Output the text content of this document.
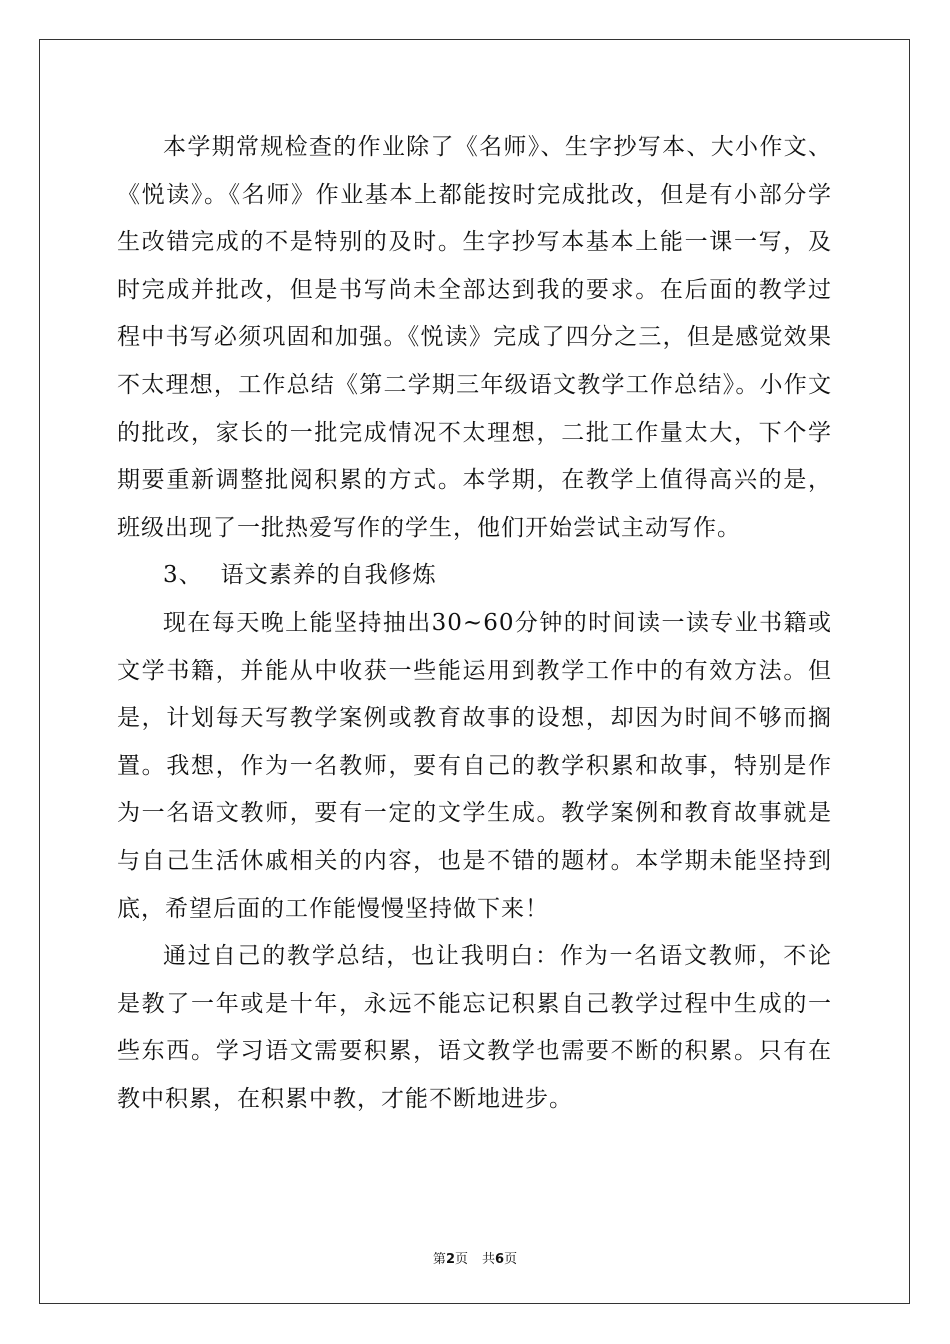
本学期常规检查的作业除了《名师》、生字抄写本、大小作文、《悦读》。《名师》作业基本上都能按时完成批改，但是有小部分学生改错完成的不是特别的及时。生字抄写本基本上能一课一写，及时完成并批改，但是书写尚未全部达到我的要求。在后面的教学过程中书写必须巩固和加强。《悦读》完成了四分之三，但是感觉效果不太理想，工作总结《第二学期三年级语文教学工作总结》。小作文的批改，家长的一批完成情况不太理想，二批工作量太大，下个学期要重新调整批阅积累的方式。本学期，在教学上值得高兴的是，班级出现了一批热爱写作的学生，他们开始尝试主动写作。

3、 语文素养的自我修炼

现在每天晚上能坚持抽出30~60分钟的时间读一读专业书籍或文学书籍，并能从中收获一些能运用到教学工作中的有效方法。但是，计划每天写教学案例或教育故事的设想，却因为时间不够而搁置。我想，作为一名教师，要有自己的教学积累和故事，特别是作为一名语文教师，要有一定的文学生成。教学案例和教育故事就是与自己生活休戚相关的内容，也是不错的题材。本学期未能坚持到底，希望后面的工作能慢慢坚持做下来！

通过自己的教学总结，也让我明白：作为一名语文教师，不论是教了一年或是十年，永远不能忘记积累自己教学过程中生成的一些东西。学习语文需要积累，语文教学也需要不断的积累。只有在教中积累，在积累中教，才能不断地进步。

第2页 共6页
